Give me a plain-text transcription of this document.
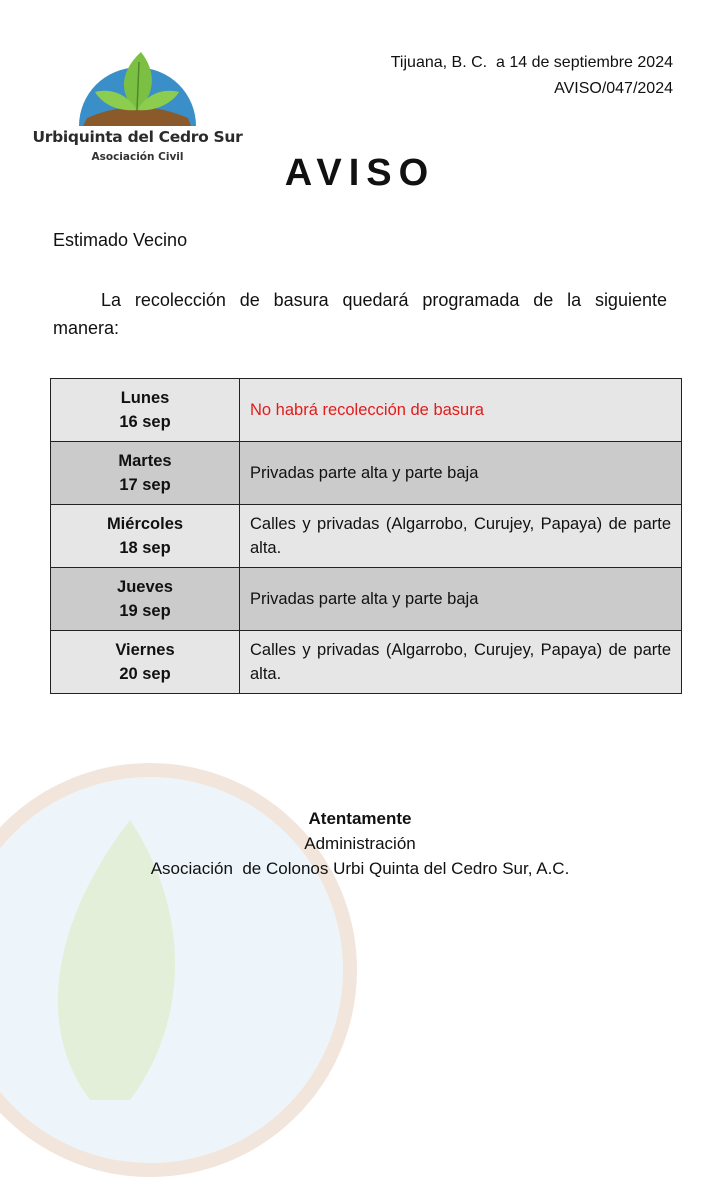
Urbiquinta del Cedro Sur
Asociación Civil
Tijuana, B. C.  a 14 de septiembre 2024
AVISO/047/2024
AVISO
Estimado Vecino
La recolección de basura quedará programada de la siguiente manera:
Lunes
16 sep	No habrá recolección de basura

Martes
17 sep	Privadas parte alta y parte baja

Miércoles
18 sep	Calles y privadas (Algarrobo, Curujey, Papaya) de parte alta.

Jueves
19 sep	Privadas parte alta y parte baja

Viernes
20 sep	Calles y privadas (Algarrobo, Curujey, Papaya) de parte alta.
Atentamente
Administración
Asociación  de Colonos Urbi Quinta del Cedro Sur, A.C.
